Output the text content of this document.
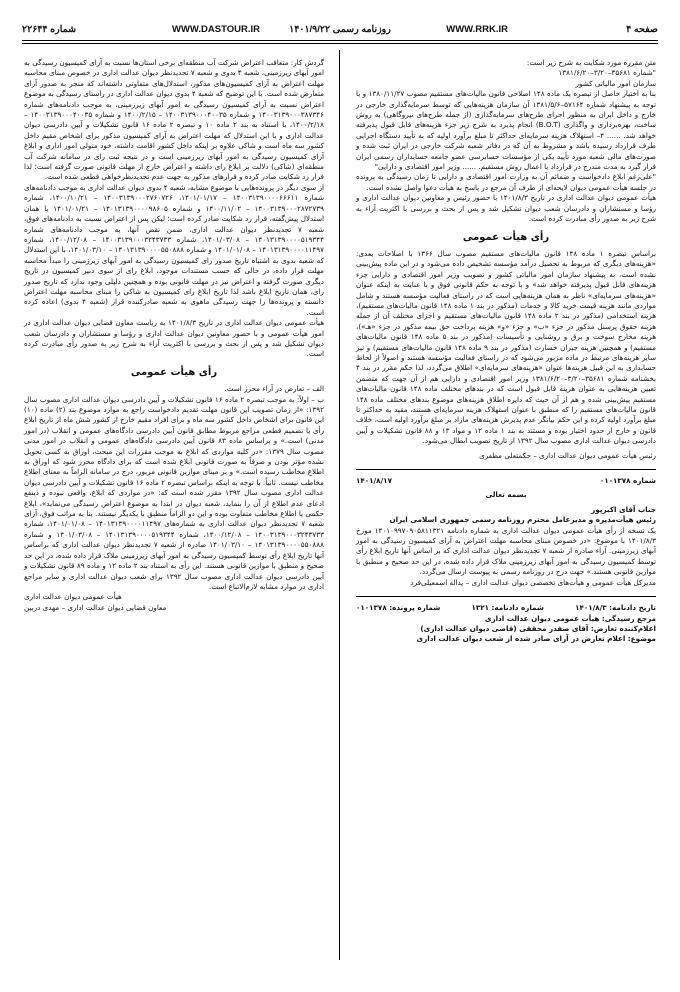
صفحه ۴
WWW.RRK.IR
روزنامه رسمی ۱۴۰۱/۹/۲۲
WWW.DASTOUR.IR
شماره ۲۲۶۴۴

متن مقرره مورد شکایت به شرح زیر است:

"شماره ۳۵۶۸۱–۳/۲۰–۱۳۸۱/۶/۲۰

سازمان امور مالیاتی کشور

بنا به اختیار حاصل از تبصره یک ماده ۱۴۸ اصلاحی قانون مالیات‌های مستقیم مصوب ۱۳۸۰/۱۱/۲۷ و با توجه به پیشنهاد شماره ۵۷۱۶۴–۱۳۸۱/۵/۶ آن سازمان هزینه‌هایی که توسط سرمایه‌گذاری خارجی در خارج و داخل ایران به منظور اجرای طرح‌های سرمایه‌گذاری (از جمله طرح‌های نیروگاهی) به روش ساخت، بهره‌برداری و واگذاری (B.O.T) انجام پذیرد به شرح زیر جزء هزینه‌های قابل قبول پذیرفته خواهد شد. ...... ۴– استهلاک هزینه سرمایه‌ای حداکثر تا مبلغ برآورد اولیه که به تأیید دستگاه اجرایی طرف قرارداد رسیده باشد و مشروط به آن که در دفاتر شعبه شرکت خارجی در ایران ثبت شده و صورت‌های مالی شعبه مورد تأیید یکی از مؤسسات حسابرسی عضو جامعه حسابداران رسمی ایران قرار گیرد به مدت مندرج در قرارداد با اعمال روش مستقیم. ...... وزیر امور اقتصادی و دارایی"

"علی‌رغم ابلاغ دادخواست و ضمائم آن به وزارت امور اقتصادی و دارایی تا زمان رسیدگی به پرونده در جلسه هیأت عمومی دیوان لایحه‌ای از طرف آن مرجع در پاسخ به هیأت دعوا واصل نشده است.

هیأت عمومی دیوان عدالت اداری در تاریخ ۱۴۰۱/۸/۳ با حضور رئیس و معاونین دیوان عدالت اداری و رؤسا و مستشاران و دادرسان شعب دیوان تشکیل شد و پس از بحث و بررسی با اکثریت آراء به شرح زیر به صدور رأی مبادرت کرده است.

رأی هیأت عمومی

براساس تبصره ۱ ماده ۱۴۸ قانون مالیات‌های مستقیم مصوب سال ۱۳۶۶ با اصلاحات بعدی: «هزینه‌های دیگری که مربوط به تحصیل درآمد مؤسسه تشخیص داده می‌شود و در این ماده پیش‌بینی نشده است، به پیشنهاد سازمان امور مالیاتی کشور و تصویب وزیر امور اقتصادی و دارایی جزء هزینه‌های قابل قبول پذیرفته خواهد شد» و با توجه به حکم قانونی فوق و با عنایت به اینکه عنوان «هزینه‌های سرمایه‌ای» ناظر به همان هزینه‌هایی است که در راستای فعالیت مؤسسه هستند و شامل مواردی مانند هزینه قیمت خرید کالا و خدمات (مذکور در بند ۱ ماده ۱۴۸ قانون مالیات‌های مستقیم)، هزینه استخدامی (مذکور در بند ۲ ماده ۱۴۸ قانون مالیات‌های مستقیم و اجزای مختلف آن از جمله هزینه حقوق پرسنل مذکور در جزء «ب» و جزء «و» هزینه پرداخت حق بیمه مذکور در جزء «هـ»)، هزینه مخارج سوخت و برق و روشنایی و تأسیسات (مذکور در بند ۵ ماده ۱۴۸ قانون مالیات‌های مستقیم) و همچنین هزینه جبران خسارت (مذکور در بند ۹ ماده ۱۴۸ قانون مالیات‌های مستقیم) و نیز سایر هزینه‌های مرتبط در ماده مزبور می‌شود که در راستای فعالیت مؤسسه هستند و اصولاً از لحاظ حسابداری به این قبیل هزینه‌ها عنوان «هزینه‌های سرمایه‌ای» اطلاق می‌گردد، لذا حکم مقرر در بند ۴ بخشنامه شماره ۳۵۶۸۱–۳/۲۰–۱۳۸۱/۶/۲۰ وزیر امور اقتصادی و دارایی هم از آن جهت که متضمن تعیین هزینه‌هایی به عنوان هزینه قابل قبول است که در بندهای مختلف ماده ۱۴۸ قانون مالیات‌های مستقیم پیش‌بینی شده و هم از آن حیث که دایره اطلاق هزینه‌های موضوع بندهای مختلف ماده ۱۴۸ قانون مالیات‌های مستقیم را که منطبق با عنوان استهلاک هزینه سرمایه‌ای هستند، مقید به حداکثر تا مبلغ برآورد اولیه کرده و این حکم بیانگر عدم پذیرش هزینه‌های مازاد بر مبلغ برآورد اولیه است، خلاف قانون و خارج از حدود اختیار بوده و مستند به بند ۱ ماده ۱۲ و مواد ۱۳ و ۸۸ قانون تشکیلات و آیین دادرسی دیوان عدالت اداری مصوب سال ۱۳۹۲ از تاریخ تصویب ابطال می‌شود.

رئیس هیأت عمومی دیوان عدالت اداری – حکمتعلی مظفری

شماره ۰۱۰۱۳۷۸
۱۴۰۱/۸/۱۷

بسمه تعالی

جناب آقای اکبرپور

رئیس هیأت‌مدیره و مدیرعامل محترم روزنامه رسمی جمهوری اسلامی ایران

یک نسخه از رأی هیأت عمومی دیوان عدالت اداری به شماره دادنامه ۱۴۰۱۰۹۹۷۰۹۰۵۸۱۱۳۲۱ مورخ ۱۴۰۱/۸/۳ با موضوع: «در خصوص مبنای محاسبه مهلت اعتراض به آرای کمیسیون رسیدگی به امور آبهای زیرزمینی. آراء صادره از شعبه ۷ تجدیدنظر دیوان عدالت اداری که بر اساس آنها تاریخ ابلاغ رأی توسط کمیسیون رسیدگی به امور آبهای زیرزمینی ملاک قرار داده شده، در این حد صحیح و منطبق با موازین قانونی هستند.» جهت درج در روزنامه رسمی به پیوست ارسال می‌گردد.

مدیرکل هیأت عمومی و هیأت‌های تخصصی دیوان عدالت اداری – یداله اسمعیلی‌فرد

تاریخ دادنامه: ۱۴۰۱/۸/۳
شماره دادنامه: ۱۳۲۱
شماره پرونده: ۰۱۰۱۳۷۸

مرجع رسیدگی: هیأت عمومی دیوان عدالت اداری

اعلام‌کننده تعارض: آقای صفدر محققی (قاضی دیوان عدالت اداری)

موضوع: اعلام تعارض در آرای صادر شده از شعب دیوان عدالت اداری

گردش کار: متعاقب اعتراض شرکت آب منطقه‌ای برخی استان‌ها نسبت به آرای کمیسیون رسیدگی به امور آبهای زیرزمینی، شعبه ۴ بدوی و شعبه ۷ تجدیدنظر دیوان عدالت اداری در خصوص مبنای محاسبه مهلت اعتراض به آرای کمیسیون‌های مذکور، استدلال‌های متفاوتی داشته‌اند که منجر به صدور آرای متعارض شده است. با این توضیح که شعبه ۴ بدوی دیوان عدالت اداری در راستای رسیدگی به موضوع اعتراض نسبت به آرای کمیسیون رسیدگی به امور آبهای زیرزمینی، به موجب دادنامه‌های شماره ۱۴۰۰۳۱۳۹۰۰۰۳۸۷۳۴۶ و شماره ۱۴۰۰۳۱۳۹۰۰۰۴۰۰۳۵ – ۱۴۰۰/۲/۱۵ و شماره ۱۴۰۰۳۱۳۹۰۰۰۴۰۰۳۵ – ۱۴۰۰/۲/۱۸، با استناد به بند ۲ ماده ۱۰ و تبصره ۲ ماده ۱۶ قانون تشکیلات و آیین دادرسی دیوان عدالت اداری و با این استدلال که مهلت اعتراض به آرای کمیسیون مذکور برای اشخاص مقیم داخل کشور سه ماه است و شاکی علاوه بر اینکه داخل کشور اقامت داشته، خود متولی امور اداری و ابلاغ آرای کمیسیون رسیدگی به امور آبهای زیرزمینی است و در نتیجه ثبت رای در سامانه شرکت آب منطقه‌ای (شاکی) دلالت بر ابلاغ رای داشته و اعتراض خارج از مهلت قانونی صورت گرفته است؛ لذا قرار رد شکایت صادر کرده و قرارهای مذکور به جهت عدم تجدیدنظرخواهی قطعی شده است.

از سوی دیگر در پرونده‌هایی با موضوع مشابه، شعبه ۴ بدوی دیوان عدالت اداری به موجب دادنامه‌های شماره ۱۴۰۰۳۱۳۹۰۰۰۰۶۶۶۱۱ – ۱۴۰۱/۰۱/۱۷، ۱۴۰۰۳۱۳۹۰۰۰۲۷۶۰۷۲۶ – ۱۴۰۰/۱۰/۲۱، شماره ۱۴۰۰۳۱۳۹۰۰۰۲۸۷۲۷۳۹ – ۱۴۰۰/۱۱/۰۲ و شماره ۱۴۰۱۳۱۳۹۰۰۰۰۹۸۶۰۵ – ۱۴۰۱/۰۱/۲۱ با همان استدلال پیش‌گفته، قرار رد شکایت صادر کرده است؛ لیکن پس از اعتراض نسبت به دادنامه‌های فوق، شعبه ۷ تجدیدنظر دیوان عدالت اداری، ضمن نقض آنها، به موجب دادنامه‌های شماره ۱۴۰۱۳۱۳۹۰۰۰۰۵۱۹۳۴۴ – ۱۴۰۱/۰۳/۰۸، شماره ۱۴۰۰۳۱۳۹۰۰۰۳۲۴۳۷۳۳ – ۱۴۰۰/۱۲/۰۸، شماره ۱۴۰۱۳۱۳۹۰۰۰۰۱۱۴۹۷ – ۱۴۰۱/۰۱/۰۸ و شماره ۱۴۰۱۳۱۳۹۰۰۰۰۵۵۰۸۸۸ – ۱۴۰۱/۰۳/۱۰، با این استدلال که شعبه بدوی به اشتباه تاریخ صدور رای کمیسیون رسیدگی به امور آبهای زیرزمینی را مبدأ محاسبه مهلت قرار داده، در حالی که حسب مستندات موجود، ابلاغ رای از سوی دبیر کمیسیون در تاریخ دیگری صورت گرفته و اعتراض نیز در مهلت قانونی بوده و همچنین دلیلی وجود ندارد که تاریخ صدور رای، همان تاریخ ابلاغ باشد لذا تاریخ ابلاغ رای کمیسیون به شاکی را مبنای محاسبه مهلت اعتراض دانسته و پرونده‌ها را جهت رسیدگی ماهوی به شعبه صادرکننده قرار (شعبه ۴ بدوی) اعاده کرده است.

هیأت عمومی دیوان عدالت اداری در تاریخ ۱۴۰۱/۸/۳ به ریاست معاون قضایی دیوان عدالت اداری در امور هیأت عمومی و با حضور معاونین دیوان عدالت اداری و رؤسا و مستشاران و دادرسان شعب دیوان تشکیل شد و پس از بحث و بررسی با اکثریت آراء به شرح زیر به صدور رأی مبادرت کرده است.

رأی هیأت عمومی

الف – تعارض در آراء محرز است.

ب – اولاً: به موجب تبصره ۲ ماده ۱۶ قانون تشکیلات و آیین دادرسی دیوان عدالت اداری مصوب سال ۱۳۹۲: «از زمان تصویب این قانون مهلت تقدیم دادخواست راجع به موارد موضوع بند (۲) ماده (۱۰) این قانون برای اشخاص داخل کشور سه ماه و برای افراد مقیم خارج از کشور شش ماه از تاریخ ابلاغ رأی یا تصمیم قطعی مراجع مربوط مطابق قانون آیین دادرسی دادگاه‌های عمومی و انقلاب (در امور مدنی) است.» و براساس ماده ۸۳ قانون آیین دادرسی دادگاه‌های عمومی و انقلاب در امور مدنی مصوب سال ۱۳۷۹: «در کلیه مواردی که ابلاغ به موجب مقررات این مبحث، اوراق به کسی تحویل نشده مؤثر بودن و صرفاً به صورت قانونی ابلاغ شده است که برای دادگاه محرز شود که اوراق به اطلاع مخاطب رسیده است.» و بر مبنای موازین قانونی مزبور، درج در سامانه الزاماً به معنای اطلاع مخاطب نیست. ثانیاً: با توجه به اینکه براساس تبصره ۲ ماده ۱۶ قانون تشکیلات و آیین دادرسی دیوان عدالت اداری مصوب سال ۱۳۹۲ مقرر شده است که: «در مواردی که ابلاغ، واقعی نبوده و ذینفع ادعای عدم اطلاع از آن را بنماید، شعبه دیوان در ابتدا به موضوع اعتراض رسیدگی می‌نماید»، ابلاغ حکمی یا اطلاع مخاطب متفاوت بوده و این دو الزاماً منطبق با یکدیگر نیستند. بنا به مراتب فوق، آرای شعبه ۷ تجدیدنظر دیوان عدالت اداری به شماره‌های ۱۴۰۱۳۱۳۹۰۰۰۰۱۱۴۹۷ – ۱۴۰۱/۰۱/۰۸، شماره ۱۴۰۰۳۱۳۹۰۰۰۳۲۴۳۷۳۳ – ۱۴۰۰/۱۲/۰۸، شماره ۱۴۰۱۳۱۳۹۰۰۰۰۵۱۹۳۴۴ – ۱۴۰۱/۰۳/۰۸ و شماره ۱۴۰۱۳۱۳۹۰۰۰۰۵۵۰۸۸۸ – ۱۴۰۱/۰۳/۱۰ صادره از شعبه ۷ تجدیدنظر دیوان عدالت اداری که براساس آنها تاریخ ابلاغ رأی توسط کمیسیون رسیدگی به امور آبهای زیرزمینی ملاک قرار داده شده، در این حد صحیح و منطبق با موازین قانونی هستند. این رأی به استناد بند ۲ ماده ۱۲ و ماده ۸۹ قانون تشکیلات و آیین دادرسی دیوان عدالت اداری مصوب سال ۱۳۹۲ برای شعب دیوان عدالت اداری و سایر مراجع اداری در موارد مشابه لازم‌الاتباع است.

هیأت عمومی دیوان عدالت اداری

معاون قضایی دیوان عدالت اداری – مهدی دربین
